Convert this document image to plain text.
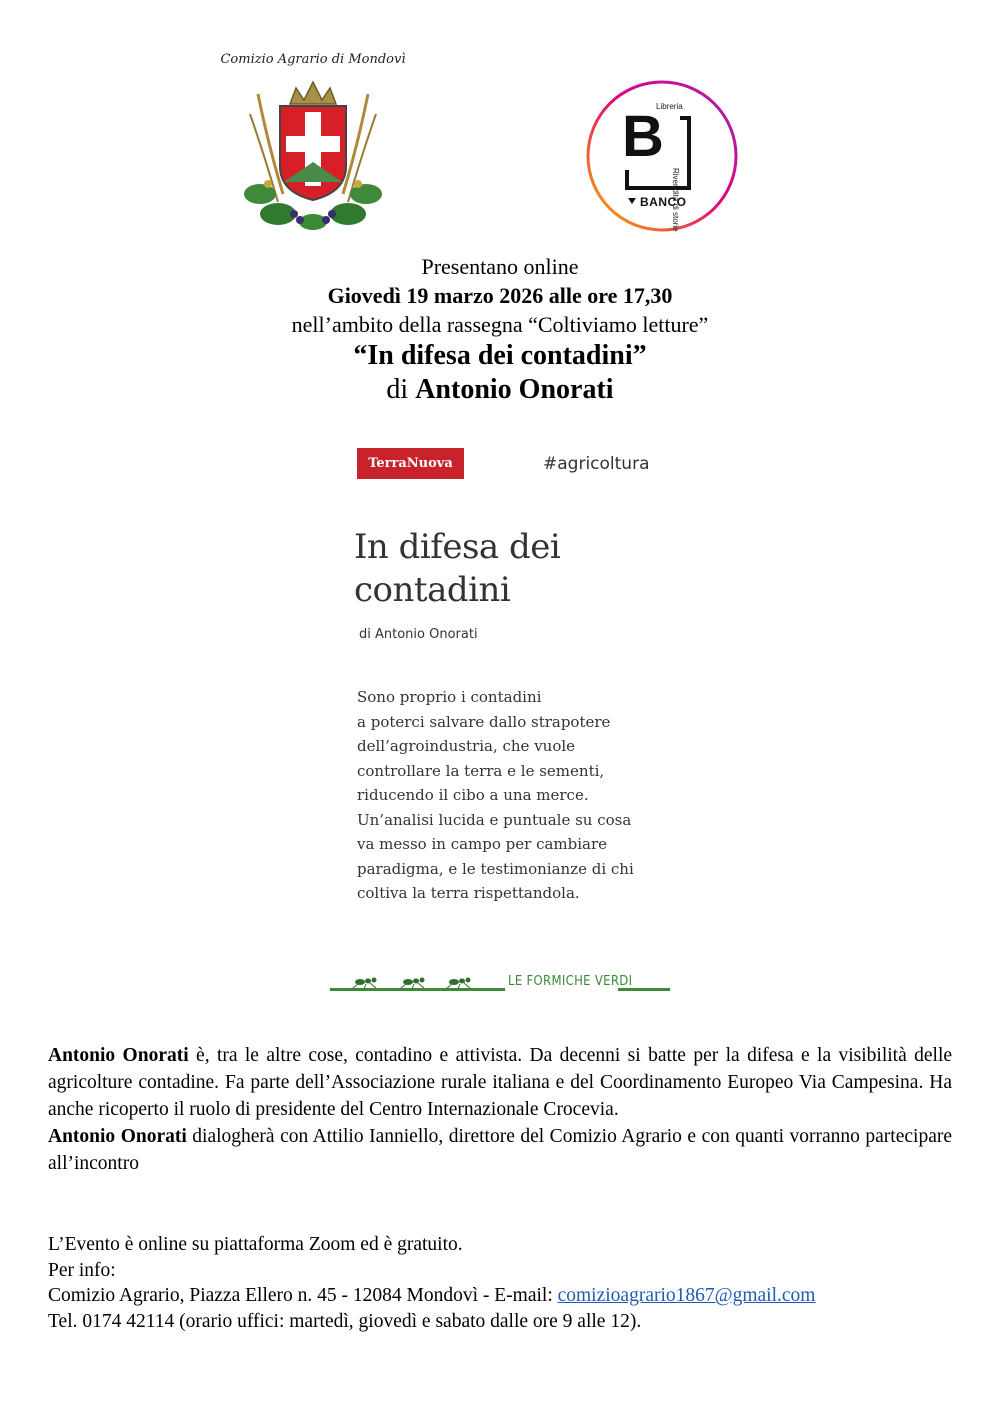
Comizio Agrario di Mondovì
Libreria
B
Rivendita di storie
BANCO
Presentano online
Giovedì 19 marzo 2026 alle ore 17,30
nell’ambito della rassegna “Coltiviamo letture”
“In difesa dei contadini”
di Antonio Onorati
TerraNuova	#agricoltura
In difesa dei
contadini
di Antonio Onorati
Sono proprio i contadini
a poterci salvare dallo strapotere
dell’agroindustria, che vuole
controllare la terra e le sementi,
riducendo il cibo a una merce.
Un’analisi lucida e puntuale su cosa
va messo in campo per cambiare
paradigma, e le testimonianze di chi
coltiva la terra rispettandola.
LE FORMICHE VERDI

Antonio Onorati è, tra le altre cose, contadino e attivista. Da decenni si batte per la difesa e la visibilità delle agricolture contadine. Fa parte dell’Associazione rurale italiana e del Coordinamento Europeo Via Campesina. Ha anche ricoperto il ruolo di presidente del Centro Internazionale Crocevia.

Antonio Onorati dialogherà con Attilio Ianniello, direttore del Comizio Agrario e con quanti vorranno partecipare all’incontro

L’Evento è online su piattaforma Zoom ed è gratuito.
Per info:
Comizio Agrario, Piazza Ellero n. 45 - 12084 Mondovì - E-mail: comizioagrario1867@gmail.com
Tel. 0174 42114 (orario uffici: martedì, giovedì e sabato dalle ore 9 alle 12).
